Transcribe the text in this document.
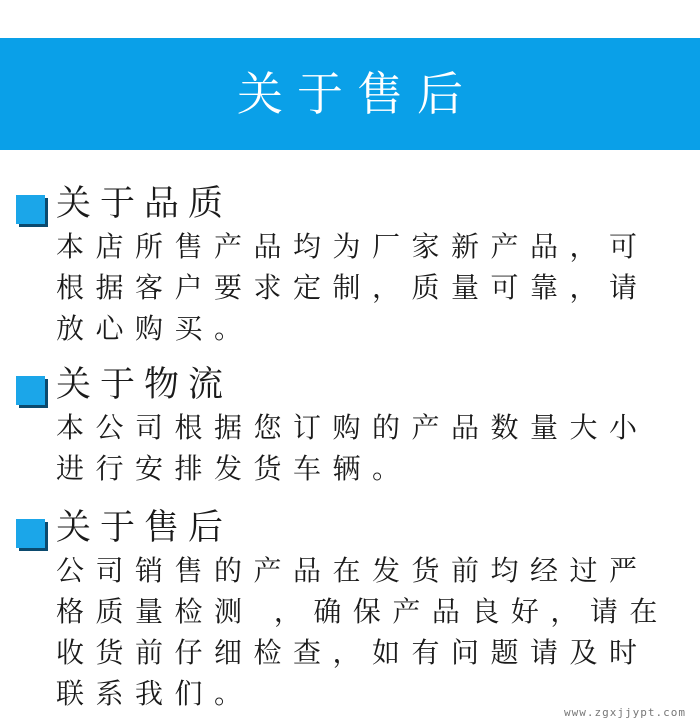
关于售后
关于品质

本店所售产品均为厂家新产品，可
根据客户要求定制，质量可靠，请
放心购买。

关于物流

本公司根据您订购的产品数量大小
进行安排发货车辆。

关于售后

公司销售的产品在发货前均经过严
格质量检测 ，确保产品良好，请在
收货前仔细检查，如有问题请及时
联系我们。

www.zgxjjypt.com
